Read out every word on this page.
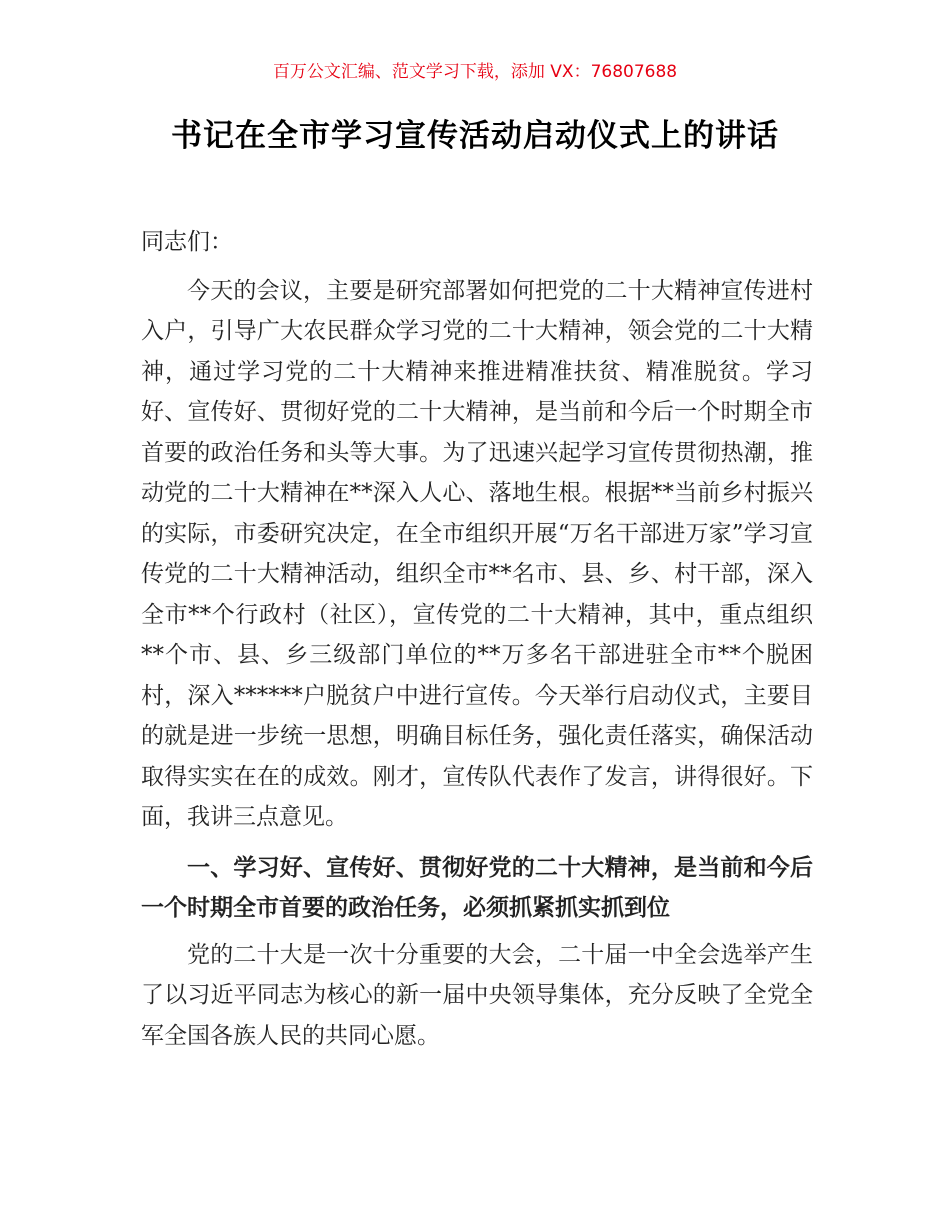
百万公文汇编、范文学习下载，添加 VX：76807688
书记在全市学习宣传活动启动仪式上的讲话

同志们：

今天的会议，主要是研究部署如何把党的二十大精神宣传进村入户，引导广大农民群众学习党的二十大精神，领会党的二十大精神，通过学习党的二十大精神来推进精准扶贫、精准脱贫。学习好、宣传好、贯彻好党的二十大精神，是当前和今后一个时期全市首要的政治任务和头等大事。为了迅速兴起学习宣传贯彻热潮，推动党的二十大精神在**深入人心、落地生根。根据**当前乡村振兴的实际，市委研究决定，在全市组织开展“万名干部进万家”学习宣传党的二十大精神活动，组织全市**名市、县、乡、村干部，深入全市**个行政村（社区），宣传党的二十大精神，其中，重点组织**个市、县、乡三级部门单位的**万多名干部进驻全市**个脱困村，深入******户脱贫户中进行宣传。今天举行启动仪式，主要目的就是进一步统一思想，明确目标任务，强化责任落实，确保活动取得实实在在的成效。刚才，宣传队代表作了发言，讲得很好。下面，我讲三点意见。

一、学习好、宣传好、贯彻好党的二十大精神，是当前和今后一个时期全市首要的政治任务，必须抓紧抓实抓到位

党的二十大是一次十分重要的大会，二十届一中全会选举产生了以习近平同志为核心的新一届中央领导集体，充分反映了全党全军全国各族人民的共同心愿。
